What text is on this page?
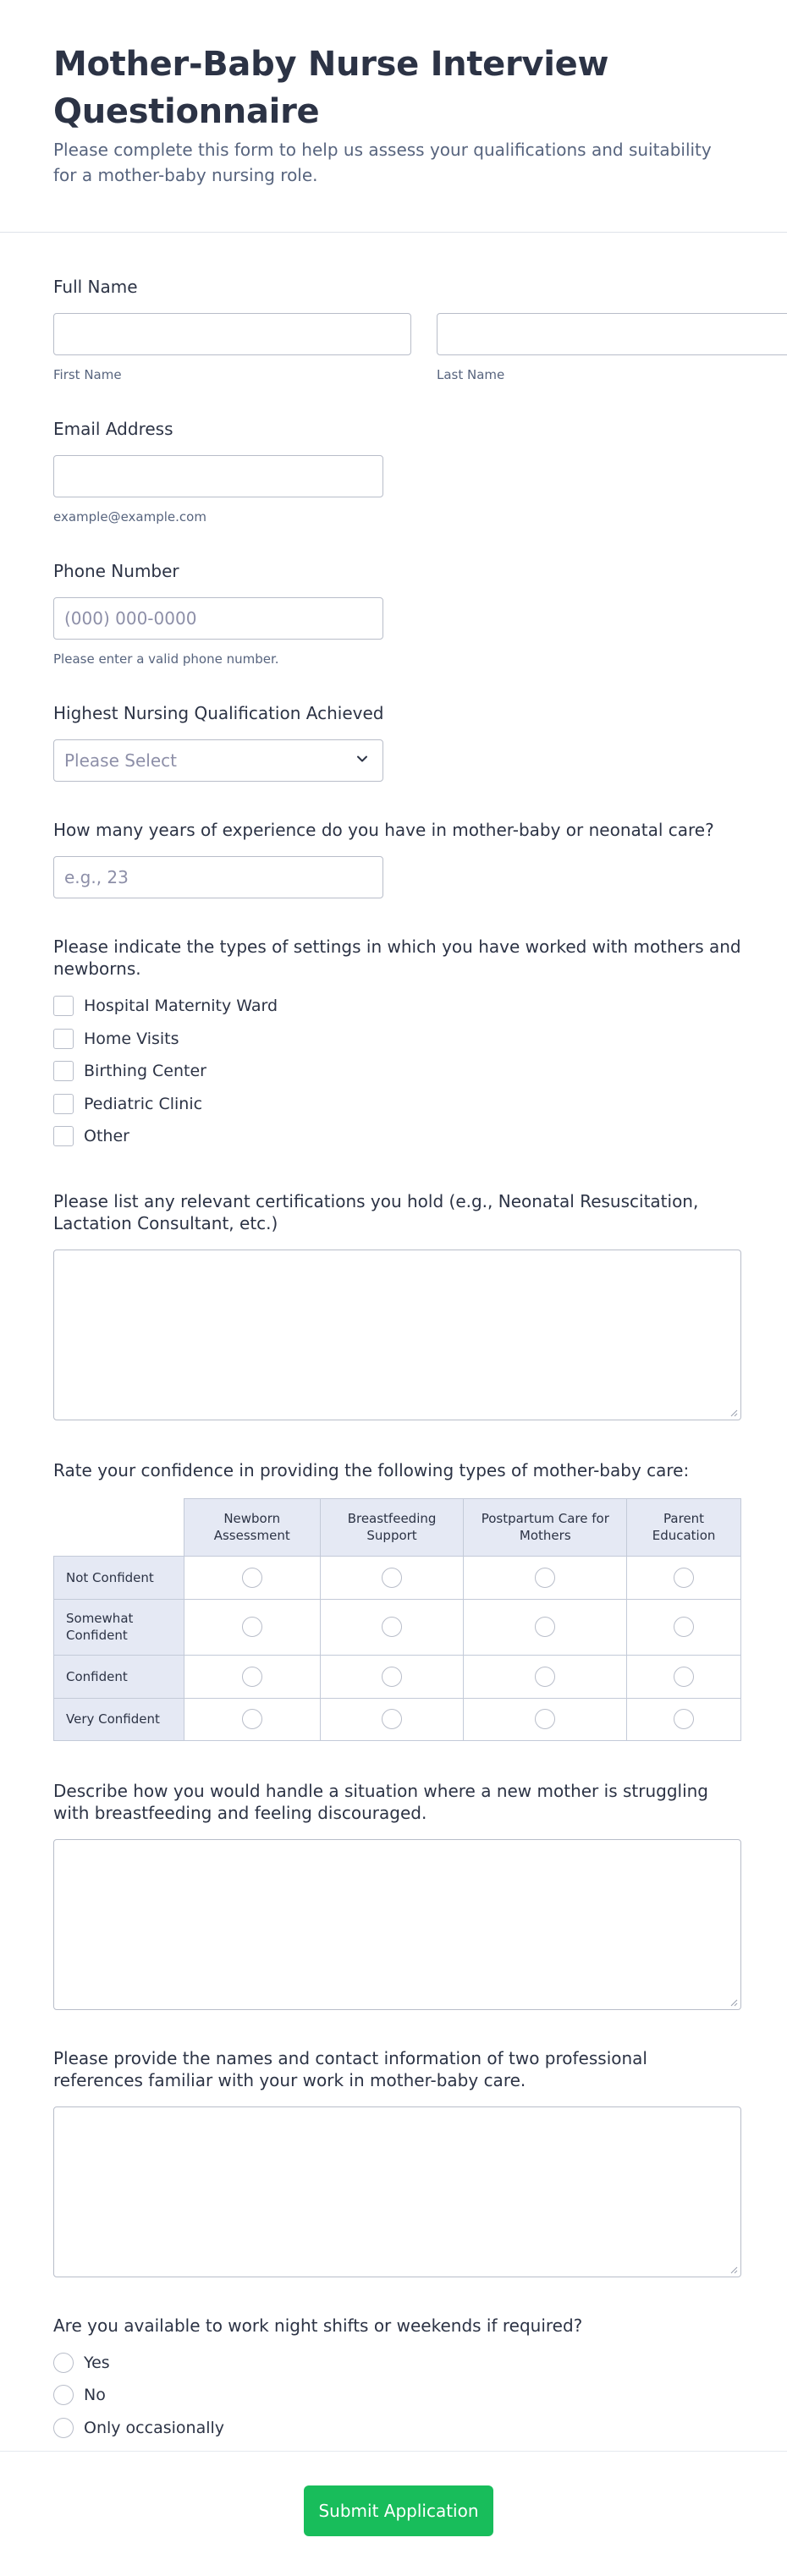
Mother-Baby Nurse Interview Questionnaire

Please complete this form to help us assess your qualifications and suitability for a mother-baby nursing role.

Full Name
First Name	Last Name
Email Address
example@example.com
Phone Number
(000) 000-0000
Please enter a valid phone number.
Highest Nursing Qualification Achieved
Please Select
How many years of experience do you have in mother-baby or neonatal care?
e.g., 23
Please indicate the types of settings in which you have worked with mothers and newborns.
Hospital Maternity Ward
Home Visits
Birthing Center
Pediatric Clinic
Other
Please list any relevant certifications you hold (e.g., Neonatal Resuscitation, Lactation Consultant, etc.)
Rate your confidence in providing the following types of mother-baby care:
	Newborn Assessment	Breastfeeding Support	Postpartum Care for Mothers	Parent Education
Not Confident				
Somewhat Confident				
Confident				
Very Confident				
Describe how you would handle a situation where a new mother is struggling with breastfeeding and feeling discouraged.
Please provide the names and contact information of two professional references familiar with your work in mother-baby care.
Are you available to work night shifts or weekends if required?
Yes
No
Only occasionally
Submit Application
